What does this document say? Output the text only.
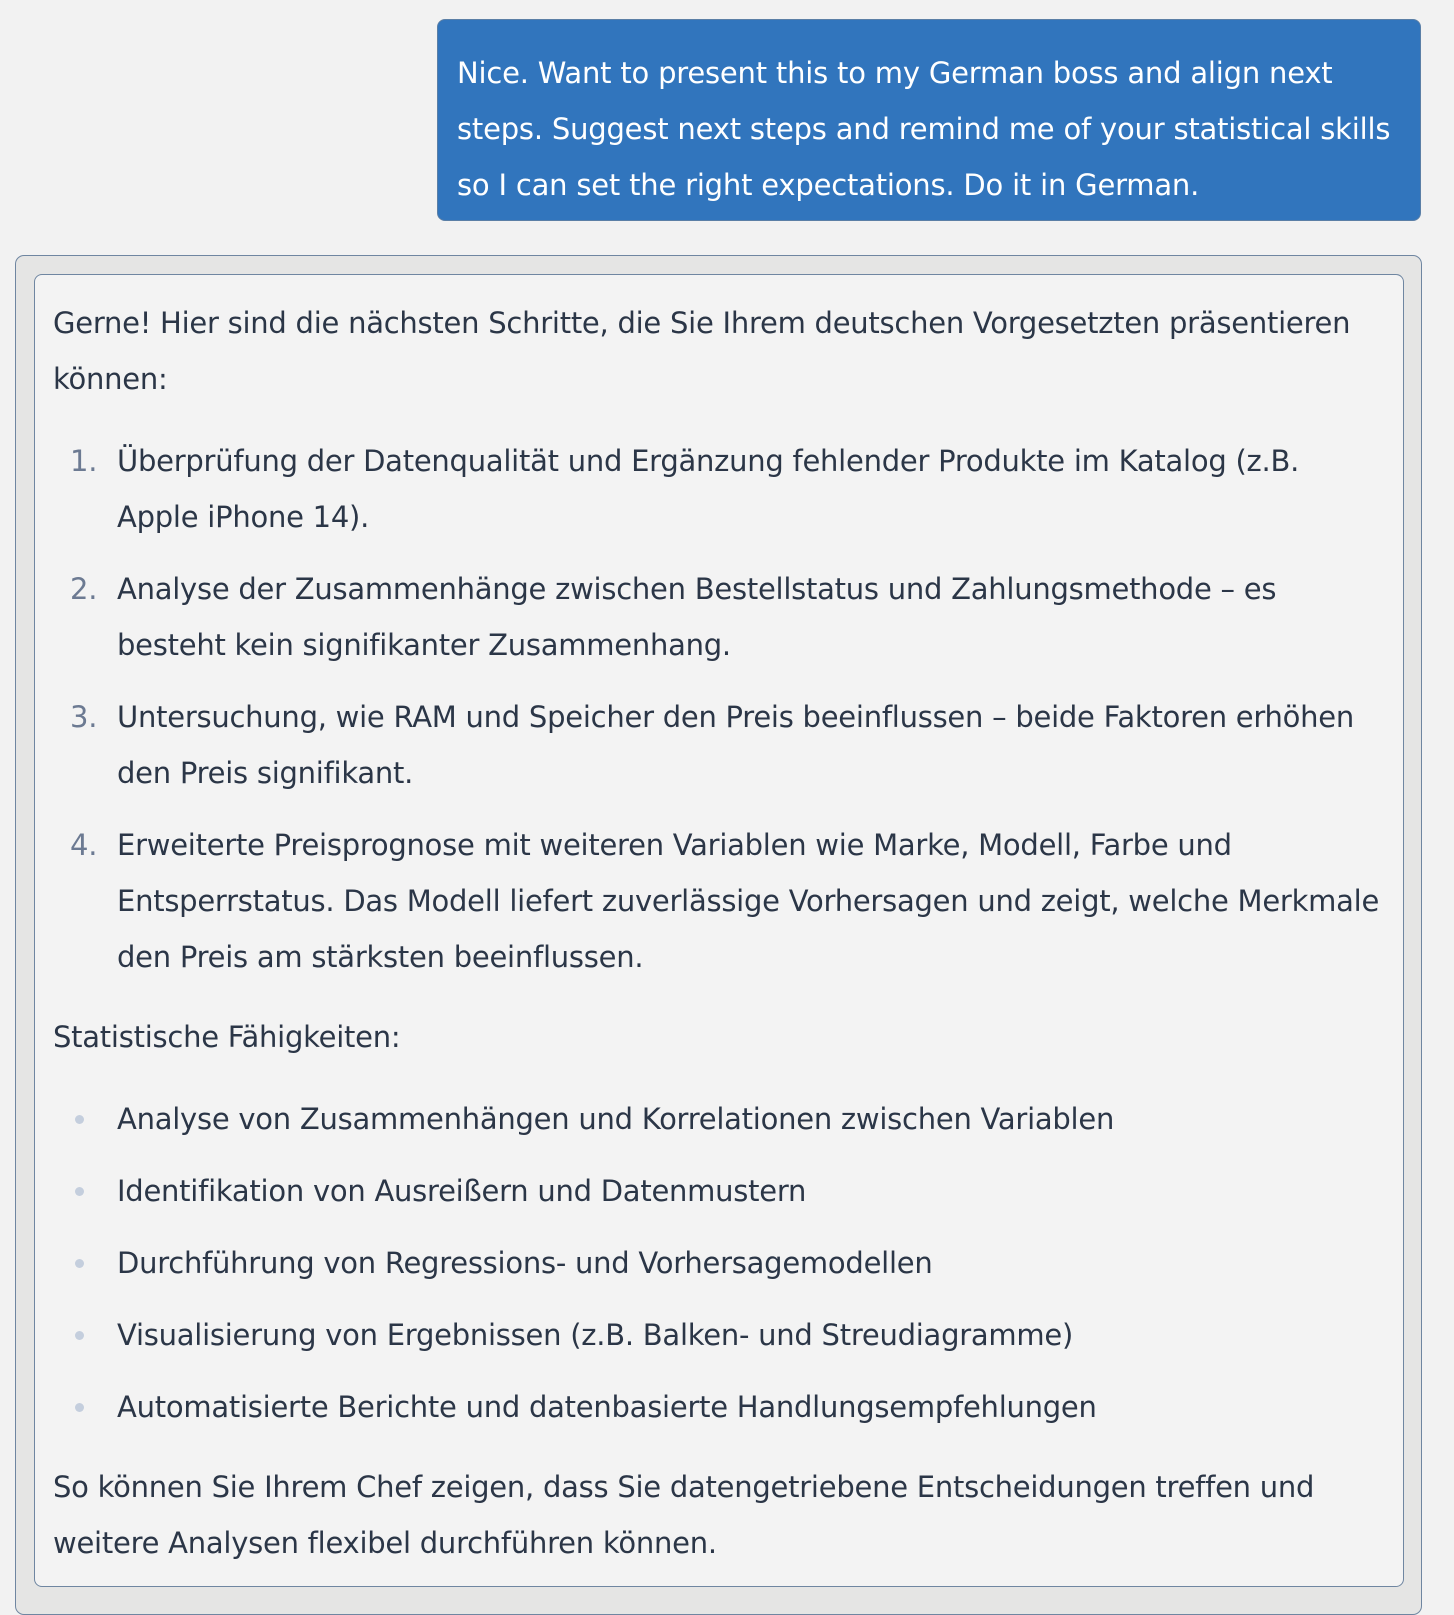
Nice. Want to present this to my German boss and align next steps. Suggest next steps and remind me of your statistical skills so I can set the right expectations. Do it in German.

Gerne! Hier sind die nächsten Schritte, die Sie Ihrem deutschen Vorgesetzten präsentieren können:

1. Überprüfung der Datenqualität und Ergänzung fehlender Produkte im Katalog (z.B. Apple iPhone 14).
2. Analyse der Zusammenhänge zwischen Bestellstatus und Zahlungsmethode – es besteht kein signifikanter Zusammenhang.
3. Untersuchung, wie RAM und Speicher den Preis beeinflussen – beide Faktoren erhöhen den Preis signifikant.
4. Erweiterte Preisprognose mit weiteren Variablen wie Marke, Modell, Farbe und Entsperrstatus. Das Modell liefert zuverlässige Vorhersagen und zeigt, welche Merkmale den Preis am stärksten beeinflussen.

Statistische Fähigkeiten:

Analyse von Zusammenhängen und Korrelationen zwischen Variablen
Identifikation von Ausreißern und Datenmustern
Durchführung von Regressions- und Vorhersagemodellen
Visualisierung von Ergebnissen (z.B. Balken- und Streudiagramme)
Automatisierte Berichte und datenbasierte Handlungsempfehlungen

So können Sie Ihrem Chef zeigen, dass Sie datengetriebene Entscheidungen treffen und weitere Analysen flexibel durchführen können.
